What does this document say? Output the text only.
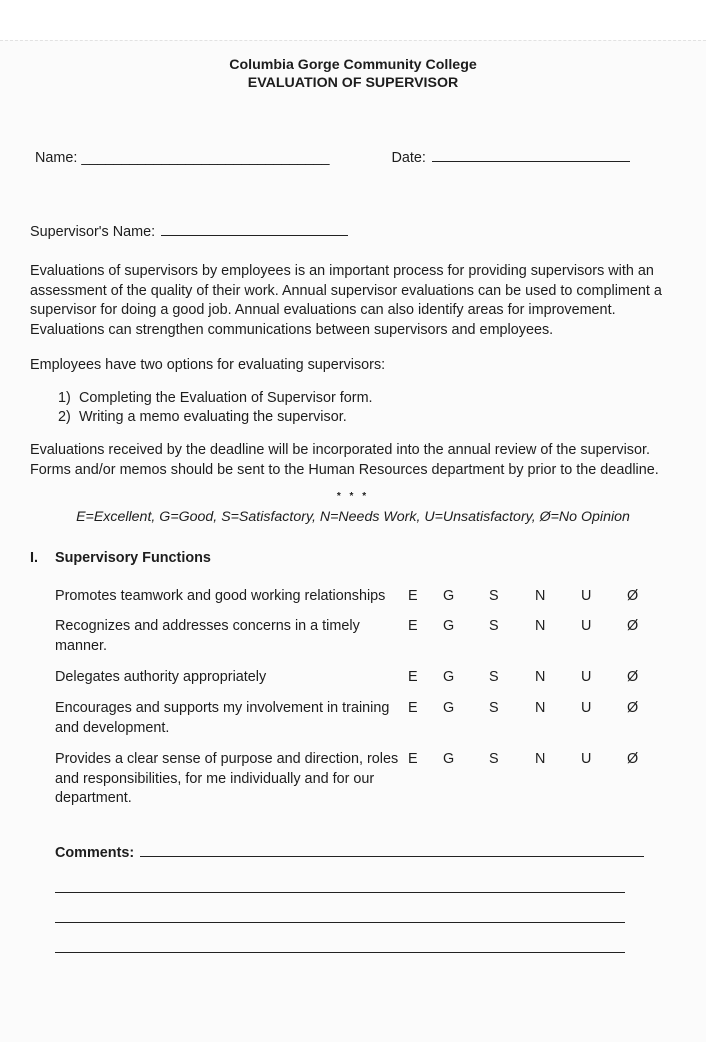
Columbia Gorge Community College
EVALUATION OF SUPERVISOR
Name: _______________________________	Date:
Supervisor's Name:

Evaluations of supervisors by employees is an important process for providing supervisors with an assessment of the quality of their work. Annual supervisor evaluations can be used to compliment a supervisor for doing a good job. Annual evaluations can also identify areas for improvement. Evaluations can strengthen communications between supervisors and employees.

Employees have two options for evaluating supervisors:

1) Completing the Evaluation of Supervisor form.
2) Writing a memo evaluating the supervisor.

Evaluations received by the deadline will be incorporated into the annual review of the supervisor. Forms and/or memos should be sent to the Human Resources department by prior to the deadline.

* * *
E=Excellent, G=Good, S=Satisfactory, N=Needs Work, U=Unsatisfactory, Ø=No Opinion
I.	Supervisory Functions
Promotes teamwork and good working relationships	E	G	S	N	U	Ø
Recognizes and addresses concerns in a timely manner.
E	G	S	N	U	Ø
Delegates authority appropriately	E	G	S	N	U	Ø
Encourages and supports my involvement in training and development.
E	G	S	N	U	Ø
Provides a clear sense of purpose and direction, roles and responsibilities, for me individually and for our department.
E	G	S	N	U	Ø
Comments:
